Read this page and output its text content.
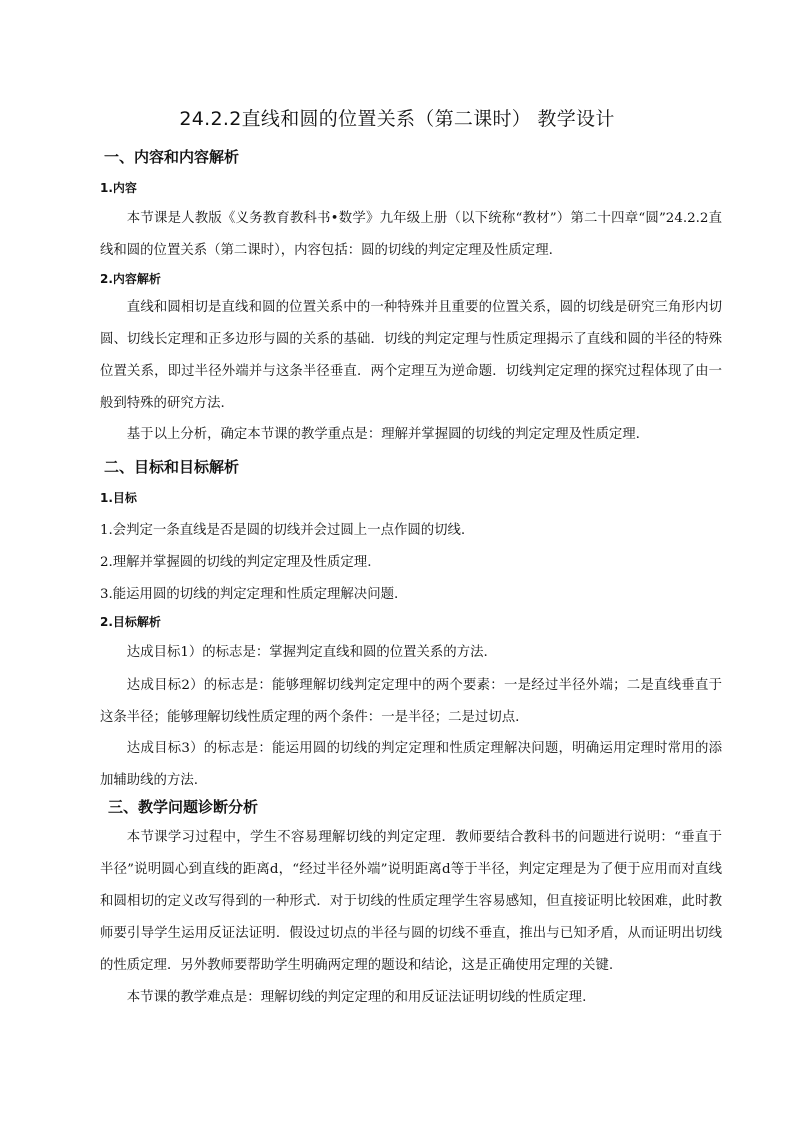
24.2.2直线和圆的位置关系（第二课时） 教学设计
一、内容和内容解析
1.内容
本节课是人教版《义务教育教科书•数学》九年级上册（以下统称“教材”）第二十四章“圆”24.2.2直线和圆的位置关系（第二课时），内容包括：圆的切线的判定定理及性质定理.
2.内容解析
直线和圆相切是直线和圆的位置关系中的一种特殊并且重要的位置关系，圆的切线是研究三角形内切圆、切线长定理和正多边形与圆的关系的基础．切线的判定定理与性质定理揭示了直线和圆的半径的特殊位置关系，即过半径外端并与这条半径垂直．两个定理互为逆命题．切线判定定理的探究过程体现了由一般到特殊的研究方法.
基于以上分析，确定本节课的教学重点是：理解并掌握圆的切线的判定定理及性质定理.
二、目标和目标解析
1.目标
1.会判定一条直线是否是圆的切线并会过圆上一点作圆的切线.
2.理解并掌握圆的切线的判定定理及性质定理.
3.能运用圆的切线的判定定理和性质定理解决问题.
2.目标解析
达成目标1）的标志是：掌握判定直线和圆的位置关系的方法.
达成目标2）的标志是：能够理解切线判定定理中的两个要素：一是经过半径外端；二是直线垂直于这条半径；能够理解切线性质定理的两个条件：一是半径；二是过切点.
达成目标3）的标志是：能运用圆的切线的判定定理和性质定理解决问题，明确运用定理时常用的添加辅助线的方法.
三、教学问题诊断分析
本节课学习过程中，学生不容易理解切线的判定定理．教师要结合教科书的问题进行说明：“垂直于半径”说明圆心到直线的距离d，“经过半径外端”说明距离d等于半径，判定定理是为了便于应用而对直线和圆相切的定义改写得到的一种形式．对于切线的性质定理学生容易感知，但直接证明比较困难，此时教师要引导学生运用反证法证明．假设过切点的半径与圆的切线不垂直，推出与已知矛盾，从而证明出切线的性质定理．另外教师要帮助学生明确两定理的题设和结论，这是正确使用定理的关键.
本节课的教学难点是：理解切线的判定定理的和用反证法证明切线的性质定理.
